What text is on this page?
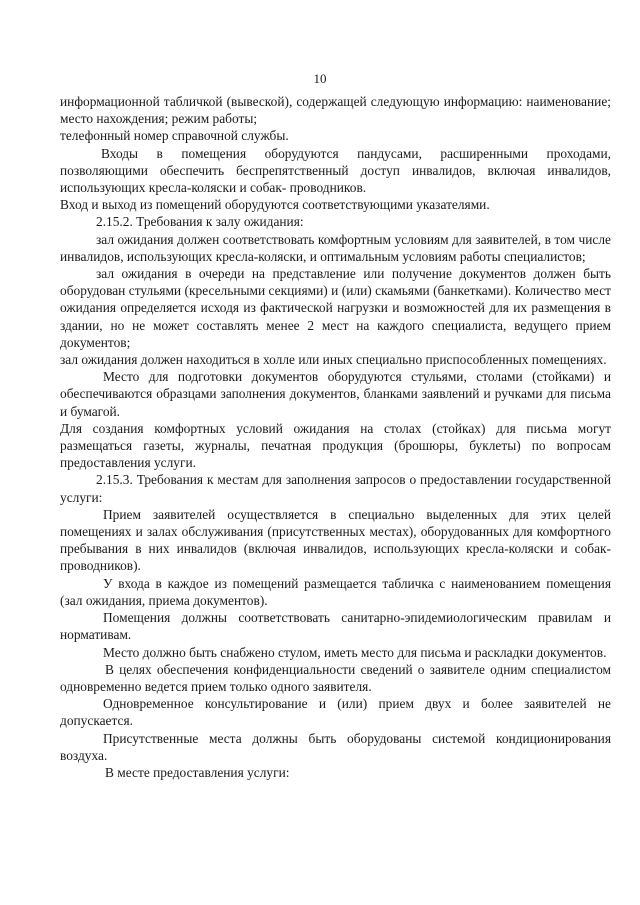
10

информационной табличкой (вывеской), содержащей следующую информацию: наименование; место нахождения; режим работы;

телефонный номер справочной службы.

Входы в помещения оборудуются пандусами, расширенными проходами, позволяющими обеспечить беспрепятственный доступ инвалидов, включая инвалидов, использующих кресла-коляски и собак- проводников.

Вход и выход из помещений оборудуются соответствующими указателями.

2.15.2. Требования к залу ожидания:

зал ожидания должен соответствовать комфортным условиям для заявителей, в том числе инвалидов, использующих кресла-коляски, и оптимальным условиям работы специалистов;

зал ожидания в очереди на представление или получение документов должен быть оборудован стульями (кресельными секциями) и (или) скамьями (банкетками). Количество мест ожидания определяется исходя из фактической нагрузки и возможностей для их размещения в здании, но не может составлять менее 2 мест на каждого специалиста, ведущего прием документов;

зал ожидания должен находиться в холле или иных специально приспособленных помещениях.

Место для подготовки документов оборудуются стульями, столами (стойками) и обеспечиваются образцами заполнения документов, бланками заявлений и ручками для письма и бумагой.

Для создания комфортных условий ожидания на столах (стойках) для письма могут размещаться газеты, журналы, печатная продукция (брошюры, буклеты) по вопросам предоставления услуги.

2.15.3. Требования к местам для заполнения запросов о предоставлении государственной услуги:

Прием заявителей осуществляется в специально выделенных для этих целей помещениях и залах обслуживания (присутственных местах), оборудованных для комфортного пребывания в них инвалидов (включая инвалидов, использующих кресла-коляски и собак-проводников).

У входа в каждое из помещений размещается табличка с наименованием помещения (зал ожидания, приема документов).

Помещения должны соответствовать санитарно-эпидемиологическим правилам и нормативам.

Место должно быть снабжено стулом, иметь место для письма и раскладки документов.

В целях обеспечения конфиденциальности сведений о заявителе одним специалистом одновременно ведется прием только одного заявителя.

Одновременное консультирование и (или) прием двух и более заявителей не допускается.

Присутственные места должны быть оборудованы системой кондиционирования воздуха.

В месте предоставления услуги:
